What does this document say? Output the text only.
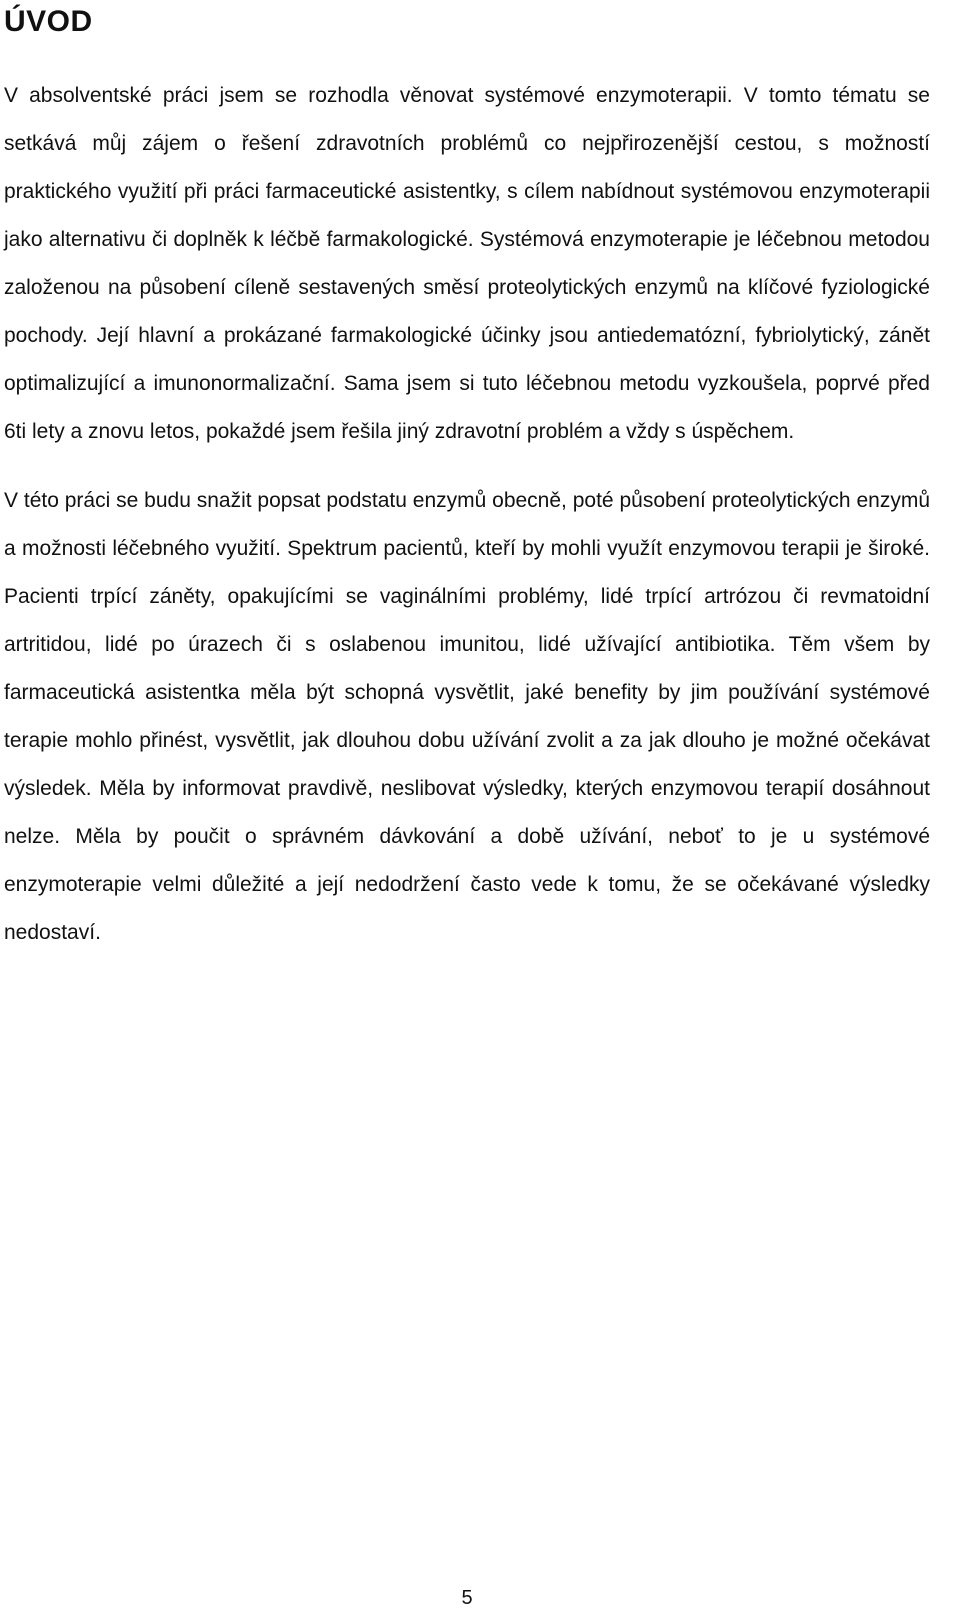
ÚVOD

V absolventské práci jsem se rozhodla věnovat systémové enzymoterapii. V tomto tématu se setkává můj zájem o řešení zdravotních problémů co nejpřirozenější cestou, s možností praktického využití při práci farmaceutické asistentky, s cílem nabídnout systémovou enzymoterapii jako alternativu či doplněk k léčbě farmakologické. Systémová enzymoterapie je léčebnou metodou založenou na působení cíleně sestavených směsí proteolytických enzymů na klíčové fyziologické pochody. Její hlavní a prokázané farmakologické účinky jsou antiedematózní, fybriolytický, zánět optimalizující a imunonormalizační. Sama jsem si tuto léčebnou metodu vyzkoušela, poprvé před 6ti lety a znovu letos, pokaždé jsem řešila jiný zdravotní problém a vždy s úspěchem.

V této práci se budu snažit popsat podstatu enzymů obecně, poté působení proteolytických enzymů a možnosti léčebného využití. Spektrum pacientů, kteří by mohli využít enzymovou terapii je široké. Pacienti trpící záněty, opakujícími se vaginálními problémy, lidé trpící artrózou či revmatoidní artritidou, lidé po úrazech či s oslabenou imunitou, lidé užívající antibiotika. Těm všem by farmaceutická asistentka měla být schopná vysvětlit, jaké benefity by jim používání systémové terapie mohlo přinést, vysvětlit, jak dlouhou dobu užívání zvolit a za jak dlouho je možné očekávat výsledek. Měla by informovat pravdivě, neslibovat výsledky, kterých enzymovou terapií dosáhnout nelze. Měla by poučit o správném dávkování a době užívání, neboť to je u systémové enzymoterapie velmi důležité a její nedodržení často vede k tomu, že se očekávané výsledky nedostaví.

5
